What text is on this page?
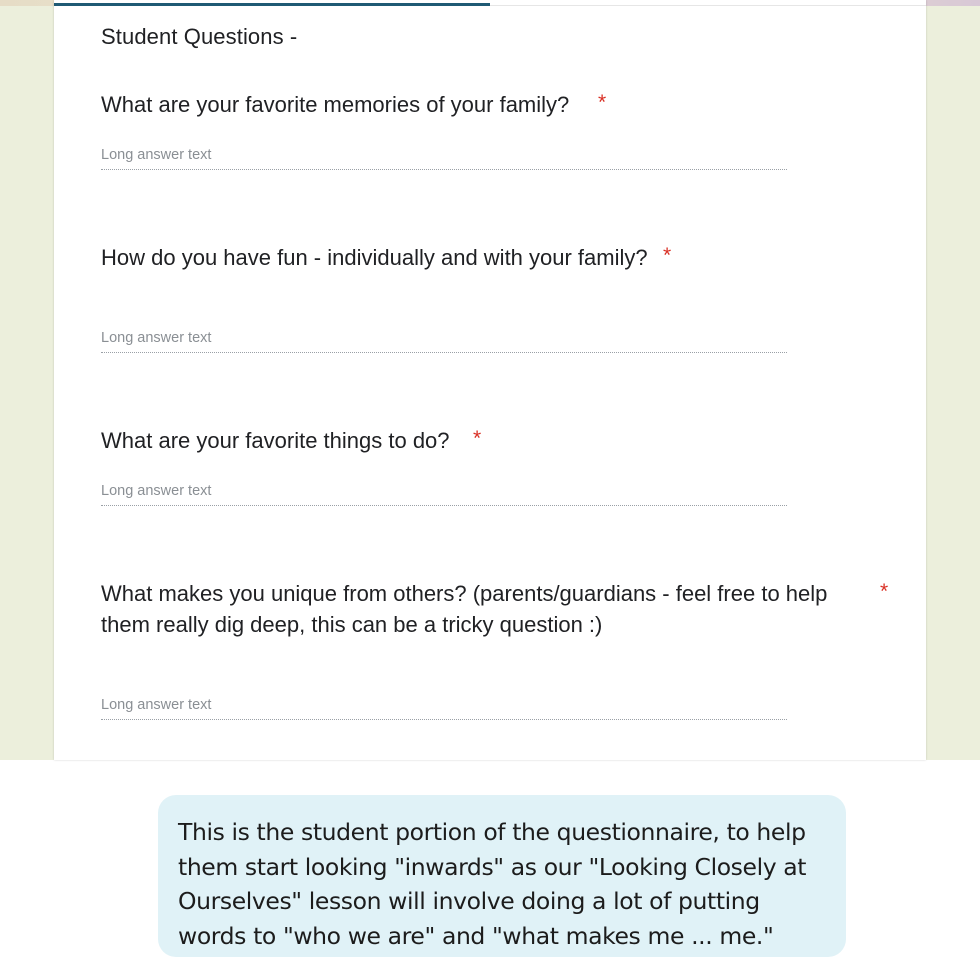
Student Questions -
What are your favorite memories of your family?	*
Long answer text
How do you have fun - individually and with your family? *
Long answer text
What are your favorite things to do?	*
Long answer text
What makes you unique from others? (parents/guardians - feel free to help them really dig deep, this can be a tricky question :)
*
Long answer text
This is the student portion of the questionnaire, to help them start looking "inwards" as our "Looking Closely at Ourselves" lesson will involve doing a lot of putting words to "who we are" and "what makes me ... me."
